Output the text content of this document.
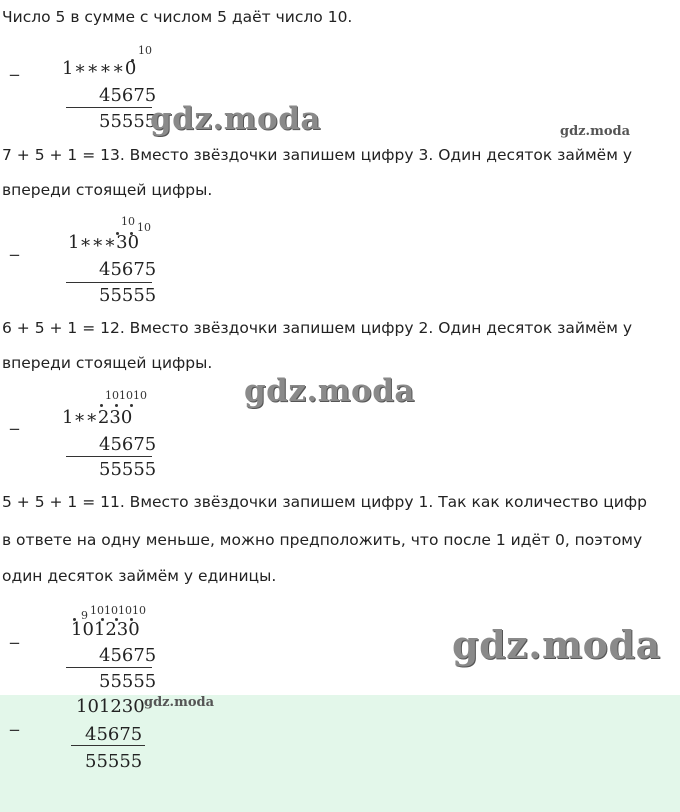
Число 5 в сумме с числом 5 даёт число 10.
_
10
1∗∗∗∗0
45675
55555
gdz.moda	gdz.moda
7 + 5 + 1 = 13. Вместо звёздочки запишем цифру 3. Один десяток займём у
впереди стоящей цифры.
_
10 10
1∗∗∗30
45675
55555
6 + 5 + 1 = 12. Вместо звёздочки запишем цифру 2. Один десяток займём у
впереди стоящей цифры.
_
101010
1∗∗230
45675
55555
gdz.moda
5 + 5 + 1 = 11. Вместо звёздочки запишем цифру 1. Так как количество цифр
в ответе на одну меньше, можно предположить, что после 1 идёт 0, поэтому
один десяток займём у единицы.
_
9 10101010
101230
45675
55555
gdz.moda
_
101230 gdz.moda
45675
55555
